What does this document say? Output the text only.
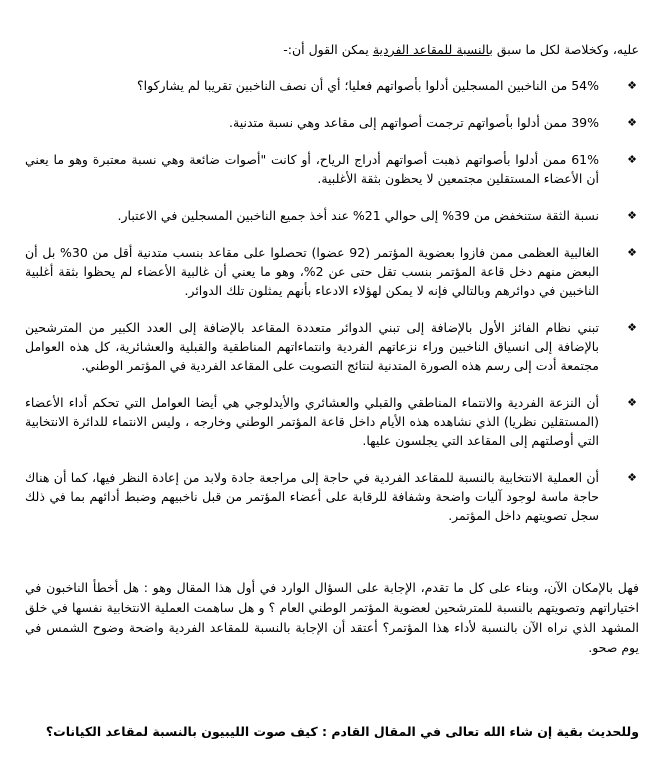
عليه، وكخلاصة لكل ما سبق بالنسبة للمقاعد الفردية يمكن القول أن:-

❖
54% من الناخبين المسجلين أدلوا بأصواتهم فعليا؛ أي أن نصف الناخبين تقريبا لم يشاركوا؟
❖
39% ممن أدلوا بأصواتهم ترجمت أصواتهم إلى مقاعد وهي نسبة متدنية.
❖
61% ممن أدلوا بأصواتهم ذهبت أصواتهم أدراج الرياح، أو كانت "أصوات ضائعة وهي نسبة معتبرة وهو ما يعني أن الأعضاء المستقلين مجتمعين لا يحظون بثقة الأغلبية.
❖
نسبة الثقة ستنخفض من 39% إلى حوالي 21% عند أخذ جميع الناخبين المسجلين في الاعتبار.
❖
الغالبية العظمى ممن فازوا بعضوية المؤتمر (92 عضوا) تحصلوا على مقاعد بنسب متدنية أقل من 30% بل أن البعض منهم دخل قاعة المؤتمر بنسب تقل حتى عن 2%، وهو ما يعني أن غالبية الأعضاء لم يحظوا بثقة أغلبية الناخبين في دوائرهم وبالتالي فإنه لا يمكن لهؤلاء الادعاء بأنهم يمثلون تلك الدوائر.
❖
تبني نظام الفائز الأول بالإضافة إلى تبني الدوائر متعددة المقاعد بالإضافة إلى العدد الكبير من المترشحين بالإضافة إلى انسياق الناخبين وراء نزعاتهم الفردية وانتماءاتهم المناطقية والقبلية والعشائرية، كل هذه العوامل مجتمعة أدت إلى رسم هذه الصورة المتدنية لنتائج التصويت على المقاعد الفردية في المؤتمر الوطني.
❖
أن النزعة الفردية والانتماء المناطقي والقبلي والعشائري والأيدلوجي هي أيضا العوامل التي تحكم أداء الأعضاء (المستقلين نظريا) الذي نشاهده هذه الأيام داخل قاعة المؤتمر الوطني وخارجه ، وليس الانتماء للدائرة الانتخابية التي أوصلتهم إلى المقاعد التي يجلسون عليها.
❖
أن العملية الانتخابية بالنسبة للمقاعد الفردية في حاجة إلى مراجعة جادة ولابد من إعادة النظر فيها، كما أن هناك حاجة ماسة لوجود آليات واضحة وشفافة للرقابة على أعضاء المؤتمر من قبل ناخبيهم وضبط أدائهم بما في ذلك سجل تصويتهم داخل المؤتمر.

فهل بالإمكان الآن، وبناء على كل ما تقدم، الإجابة على السؤال الوارد في أول هذا المقال وهو : هل أخطأ الناخبون في اختياراتهم وتصويتهم بالنسبة للمترشحين لعضوية المؤتمر الوطني العام ؟ و هل ساهمت العملية الانتخابية نفسها في خلق المشهد الذي نراه الآن بالنسبة لأداء هذا المؤتمر؟ أعتقد أن الإجابة بالنسبة للمقاعد الفردية واضحة وضوح الشمس في يوم صحو.

وللحديث بقية إن شاء الله تعالى في المقال القادم : كيف صوت الليبيون بالنسبة لمقاعد الكيانات؟
